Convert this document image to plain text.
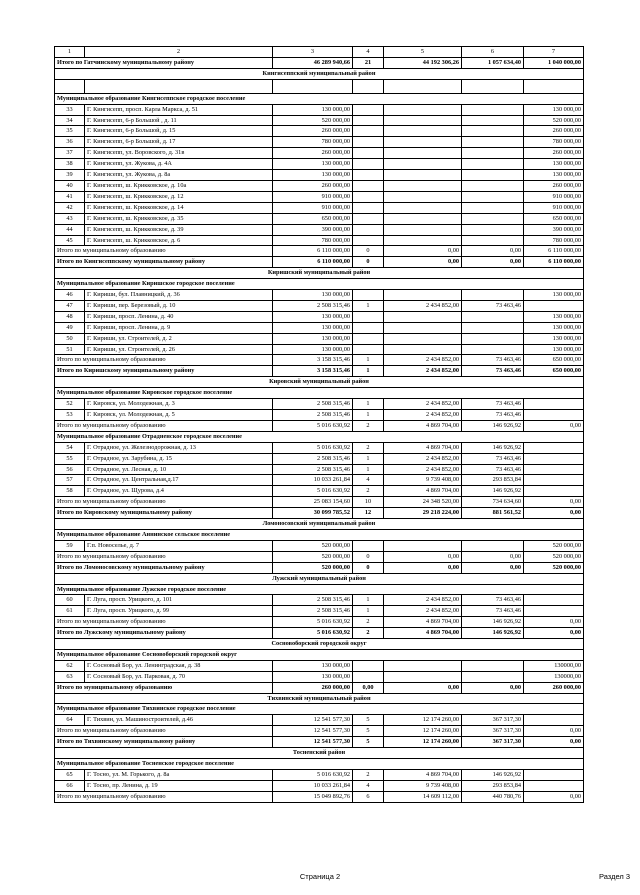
1	2	3	4	5	6	7
Итого по Гатчинскому муниципальному району		46 289 940,66	21	44 192 306,26	1 057 634,40	1 040 000,00
Кингисеппский муниципальный район						

Муниципальное образование Кингисеппское городское поселение						
33	Г. Кингисепп, просп. Карла Маркса, д. 51	130 000,00				130 000,00
34	Г. Кингисепп, 6-р Большой , д. 11	520 000,00				520 000,00
35	Г. Кингисепп, 6-р Большой, д. 15	260 000,00				260 000,00
36	Г. Кингисепп, 6-р Большой, д. 17	780 000,00				780 000,00
37	Г. Кингисепп, ул. Воровского, д. 31в	260 000,00				260 000,00
38	Г. Кингисепп, ул. Жукова, д. 4А	130 000,00				130 000,00
39	Г. Кингисепп, ул. Жукова, д. 8а	130 000,00				130 000,00
40	Г. Кингисепп, ш. Крикковское, д. 10а	260 000,00				260 000,00
41	Г. Кингисепп, ш. Крикковское, д. 12	910 000,00				910 000,00
42	Г. Кингисепп, ш. Крикковское, д. 14	910 000,00				910 000,00
43	Г. Кингисепп, ш. Крикковское, д. 35	650 000,00				650 000,00
44	Г. Кингисепп, ш. Крикковское, д. 39	390 000,00				390 000,00
45	Г. Кингисепп, ш. Крикковское, д. 6	780 000,00				780 000,00
Итого по муниципальному образованию		6 110 000,00	0	0,00	0,00	6 110 000,00
Итого по Кингисеппскому муниципальному району		6 110 000,00	0	0,00	0,00	6 110 000,00
Киришский муниципальный район						
Муниципальное образование Киришское городское поселение						
46	Г. Кириши, бул. Плавницкий, д. 36	130 000,00				130 000,00
47	Г. Кириши, пер. Березовый, д. 10	2 508 315,46	1	2 434 852,00	73 463,46	
48	Г. Кириши, просп. Ленина, д. 40	130 000,00				130 000,00
49	Г. Кириши, просп. Ленина, д. 9	130 000,00				130 000,00
50	Г. Кириши, ул. Строителей, д. 2	130 000,00				130 000,00
51	Г. Кириши, ул. Строителей, д. 26	130 000,00				130 000,00
Итого по муниципальному образованию		3 158 315,46	1	2 434 852,00	73 463,46	650 000,00
Итого по Киришскому муниципальному району		3 158 315,46	1	2 434 852,00	73 463,46	650 000,00
Кировский муниципальный район						
Муниципальное образование Кировское городское поселение						
52	Г. Кировск, ул. Молодежная, д. 3	2 508 315,46	1	2 434 852,00	73 463,46	
53	Г. Кировск, ул. Молодежная, д. 5	2 508 315,46	1	2 434 852,00	73 463,46	
Итого по муниципальному образованию		5 016 630,92	2	4 869 704,00	146 926,92	0,00
Муниципальное образование Отрадненское городское поселение						
54	Г. Отрадное, ул. Железнодорожная, д. 13	5 016 630,92	2	4 869 704,00	146 926,92	
55	Г. Отрадное, ул. Зарубина, д. 15	2 508 315,46	1	2 434 852,00	73 463,46	
56	Г. Отрадное, ул. Лесная, д. 10	2 508 315,46	1	2 434 852,00	73 463,46	
57	Г. Отрадное, ул. Центральная,д.17	10 033 261,84	4	9 739 408,00	293 853,84	
58	Г. Отрадное, ул. Щурова, д.4	5 016 630,92	2	4 869 704,00	146 926,92	
Итого по муниципальному образованию		25 083 154,60	10	24 348 520,00	734 634,60	0,00
Итого по Кировскому муниципальному району		30 099 785,52	12	29 218 224,00	881 561,52	0,00
Ломоносовский муниципальный район						
Муниципальное образование Аннинское сельское поселение						
59	Г.п. Новоселье, д. 7	520 000,00				520 000,00
Итого по муниципальному образованию		520 000,00	0	0,00	0,00	520 000,00
Итого по Ломоносовскому муниципальному району		520 000,00	0	0,00	0,00	520 000,00
Лужский муниципальный район						
Муниципальное образование Лужское городское поселение						
60	Г. Луга, просп. Урицкого, д. 101	2 508 315,46	1	2 434 852,00	73 463,46	
61	Г. Луга, просп. Урицкого, д. 99	2 508 315,46	1	2 434 852,00	73 463,46	
Итого по муниципальному образованию		5 016 630,92	2	4 869 704,00	146 926,92	0,00
Итого по Лужскому муниципальному району		5 016 630,92	2	4 869 704,00	146 926,92	0,00
Сосновоборский городской округ						
Муниципальное образование Сосновоборский городской округ						
62	Г. Сосновый Бор, ул. Ленинградская, д. 38	130 000,00				130000,00
63	Г. Сосновый Бор, ул. Парковая, д. 70	130 000,00				130000,00
Итого по муниципальному образованию		260 000,00	0,00	0,00	0,00	260 000,00
Тихвинский муниципальный район						
Муниципальное образование Тихвинское городское поселение						
64	Г. Тихвин, ул. Машиностроителей, д.46	12 541 577,30	5	12 174 260,00	367 317,30	
Итого по муниципальному образованию		12 541 577,30	5	12 174 260,00	367 317,30	0,00
Итого по Тихвинскому муниципальному району		12 541 577,30	5	12 174 260,00	367 317,30	0,00
Тосненский район						
Муниципальное образование Тосненское городское поселение						
65	Г. Тосно, ул. М. Горького, д. 8а	5 016 630,92	2	4 869 704,00	146 926,92	
66	Г. Тосно, пр. Ленина, д. 19	10 033 261,84	4	9 739 408,00	293 853,84	
Итого по муниципальному образованию		15 049 892,76	6	14 609 112,00	440 780,76	0,00
Страница 2	Раздел 3
